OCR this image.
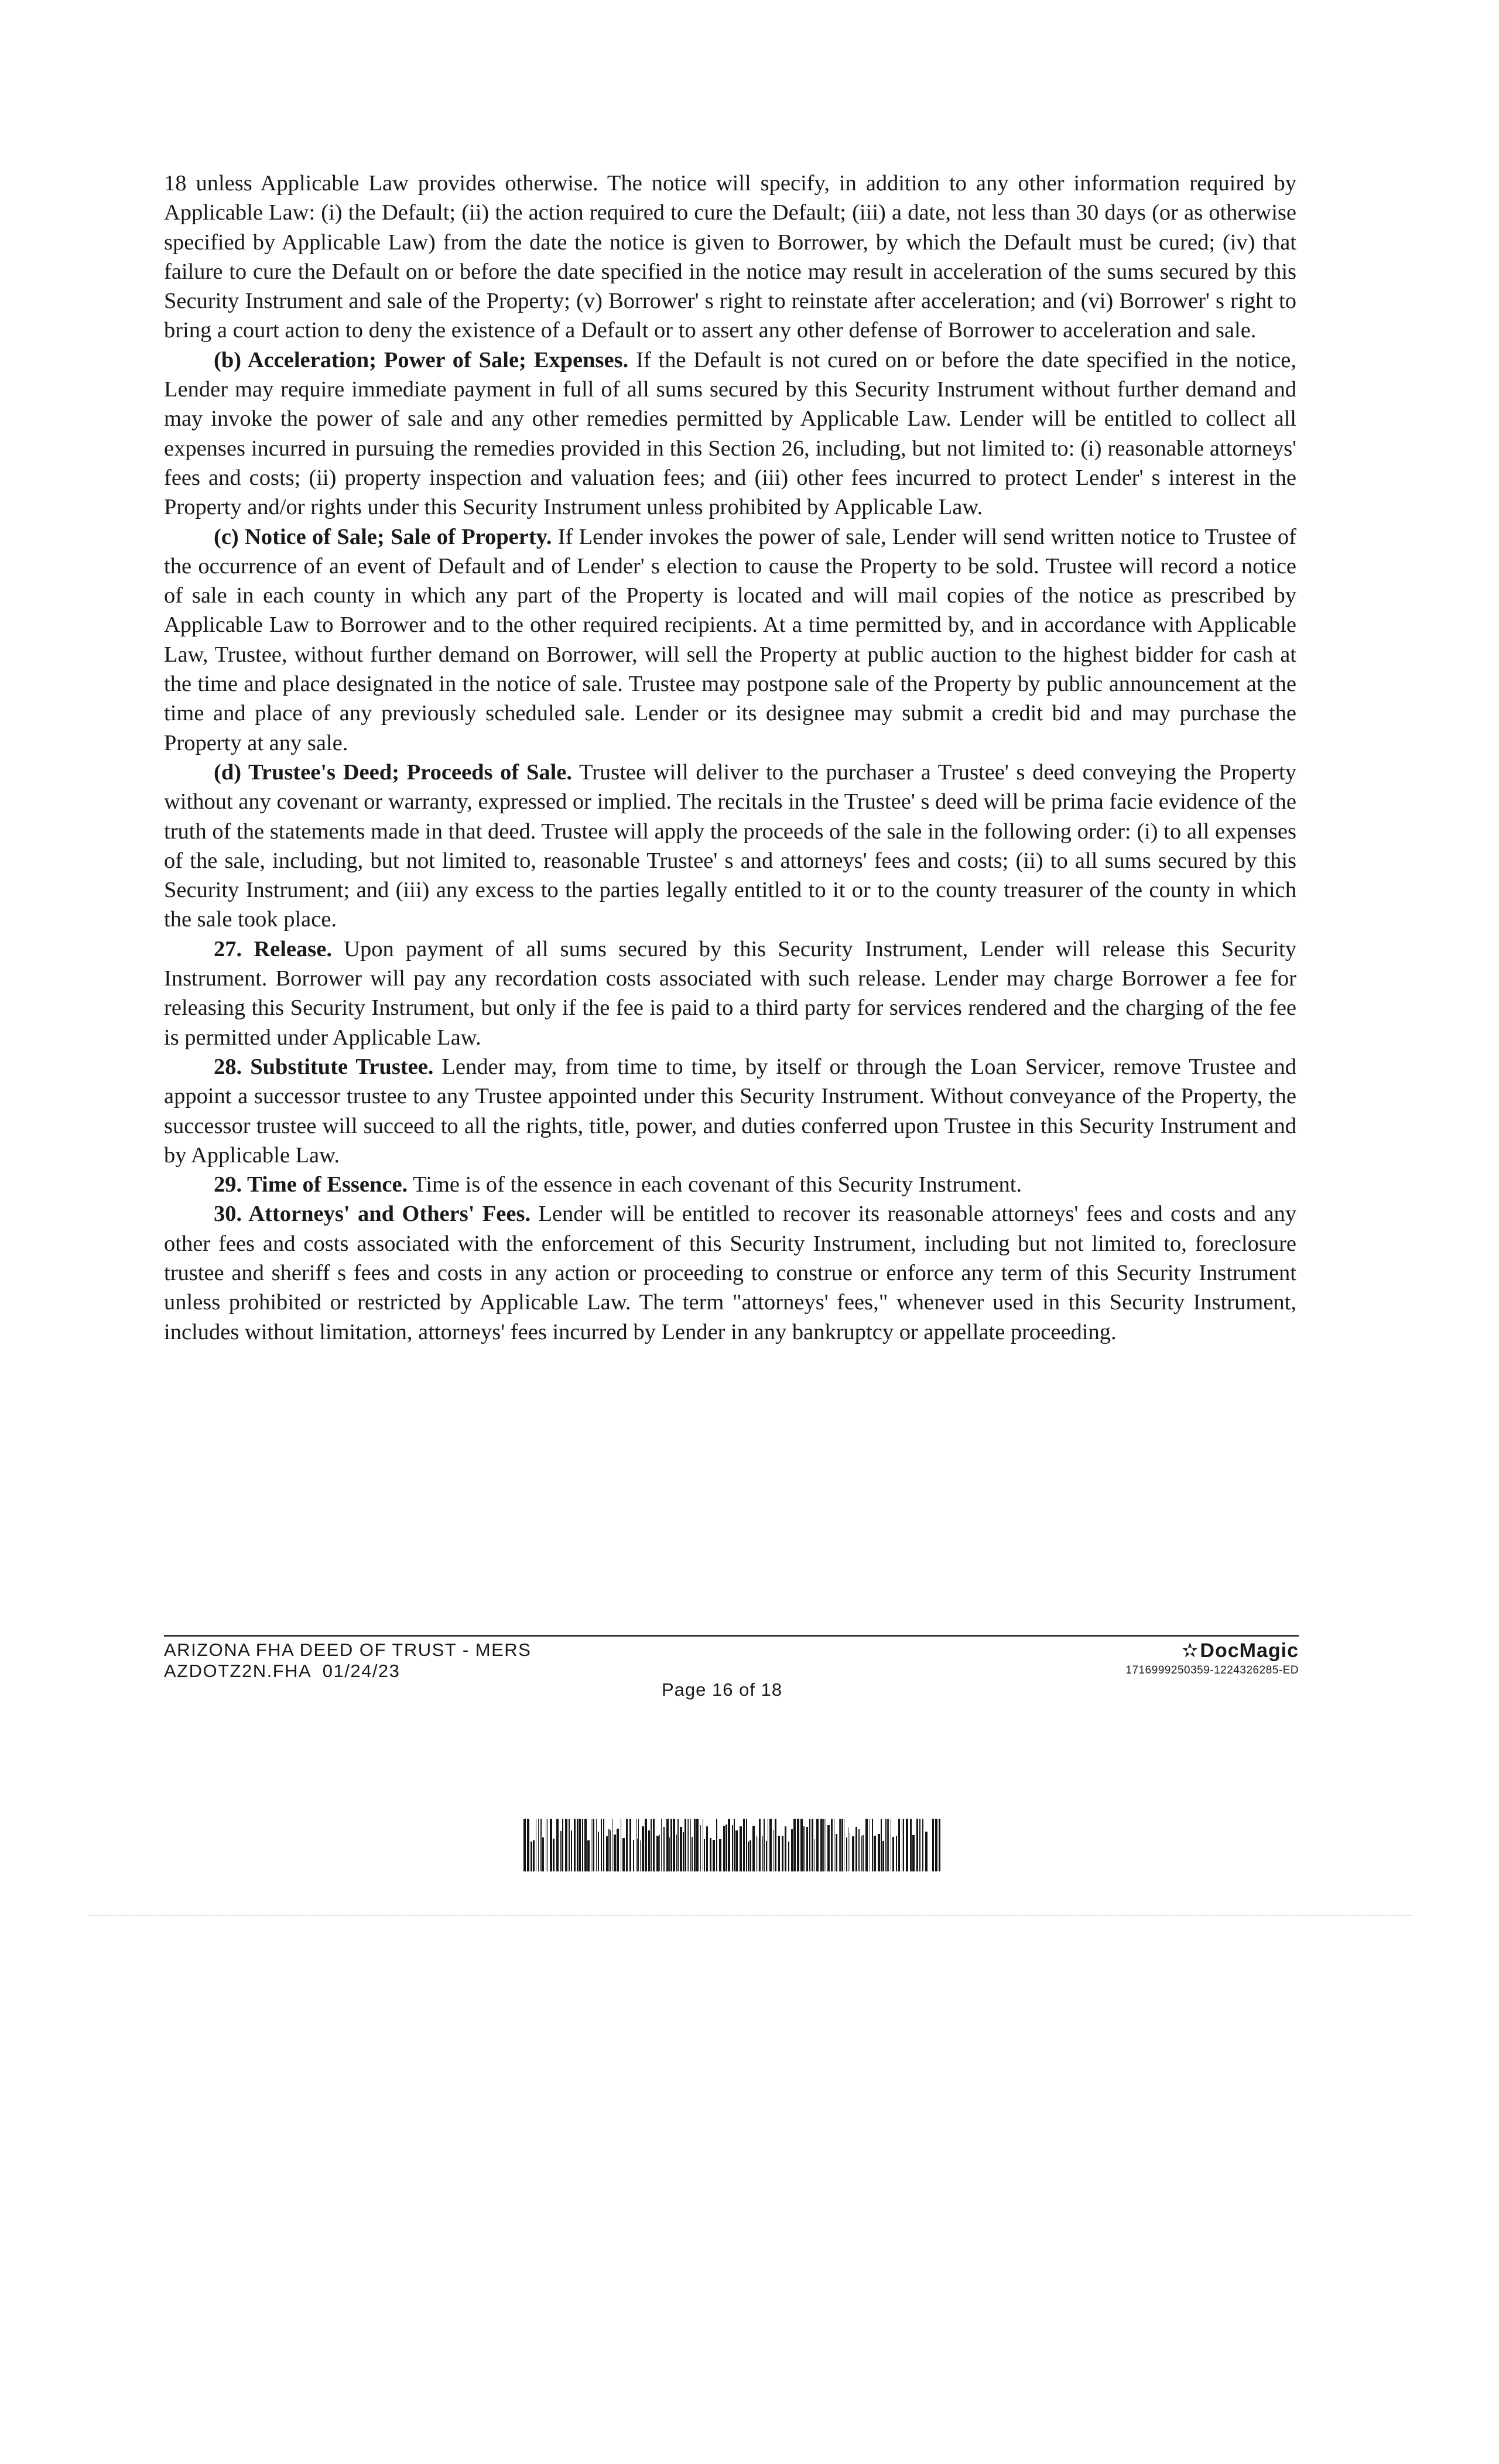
18 unless Applicable Law provides otherwise. The notice will specify, in addition to any other information required by Applicable Law: (i) the Default; (ii) the action required to cure the Default; (iii) a date, not less than 30 days (or as otherwise specified by Applicable Law) from the date the notice is given to Borrower, by which the Default must be cured; (iv) that failure to cure the Default on or before the date specified in the notice may result in acceleration of the sums secured by this Security Instrument and sale of the Property; (v) Borrower' s right to reinstate after acceleration; and (vi) Borrower' s right to bring a court action to deny the existence of a Default or to assert any other defense of Borrower to acceleration and sale.

(b) Acceleration; Power of Sale; Expenses. If the Default is not cured on or before the date specified in the notice, Lender may require immediate payment in full of all sums secured by this Security Instrument without further demand and may invoke the power of sale and any other remedies permitted by Applicable Law. Lender will be entitled to collect all expenses incurred in pursuing the remedies provided in this Section 26, including, but not limited to: (i) reasonable attorneys' fees and costs; (ii) property inspection and valuation fees; and (iii) other fees incurred to protect Lender' s interest in the Property and/or rights under this Security Instrument unless prohibited by Applicable Law.

(c) Notice of Sale; Sale of Property. If Lender invokes the power of sale, Lender will send written notice to Trustee of the occurrence of an event of Default and of Lender' s election to cause the Property to be sold. Trustee will record a notice of sale in each county in which any part of the Property is located and will mail copies of the notice as prescribed by Applicable Law to Borrower and to the other required recipients. At a time permitted by, and in accordance with Applicable Law, Trustee, without further demand on Borrower, will sell the Property at public auction to the highest bidder for cash at the time and place designated in the notice of sale. Trustee may postpone sale of the Property by public announcement at the time and place of any previously scheduled sale. Lender or its designee may submit a credit bid and may purchase the Property at any sale.

(d) Trustee's Deed; Proceeds of Sale. Trustee will deliver to the purchaser a Trustee' s deed conveying the Property without any covenant or warranty, expressed or implied. The recitals in the Trustee' s deed will be prima facie evidence of the truth of the statements made in that deed. Trustee will apply the proceeds of the sale in the following order: (i) to all expenses of the sale, including, but not limited to, reasonable Trustee' s and attorneys' fees and costs; (ii) to all sums secured by this Security Instrument; and (iii) any excess to the parties legally entitled to it or to the county treasurer of the county in which the sale took place.

27. Release. Upon payment of all sums secured by this Security Instrument, Lender will release this Security Instrument. Borrower will pay any recordation costs associated with such release. Lender may charge Borrower a fee for releasing this Security Instrument, but only if the fee is paid to a third party for services rendered and the charging of the fee is permitted under Applicable Law.

28. Substitute Trustee. Lender may, from time to time, by itself or through the Loan Servicer, remove Trustee and appoint a successor trustee to any Trustee appointed under this Security Instrument. Without conveyance of the Property, the successor trustee will succeed to all the rights, title, power, and duties conferred upon Trustee in this Security Instrument and by Applicable Law.

29. Time of Essence. Time is of the essence in each covenant of this Security Instrument.

30. Attorneys' and Others' Fees. Lender will be entitled to recover its reasonable attorneys' fees and costs and any other fees and costs associated with the enforcement of this Security Instrument, including but not limited to, foreclosure trustee and sheriff s fees and costs in any action or proceeding to construe or enforce any term of this Security Instrument unless prohibited or restricted by Applicable Law. The term "attorneys' fees," whenever used in this Security Instrument, includes without limitation, attorneys' fees incurred by Lender in any bankruptcy or appellate proceeding.

ARIZONA FHA DEED OF TRUST - MERS
AZDOTZ2N.FHA  01/24/23
Page 16 of 18
✫DocMagic
1716999250359-1224326285-ED
